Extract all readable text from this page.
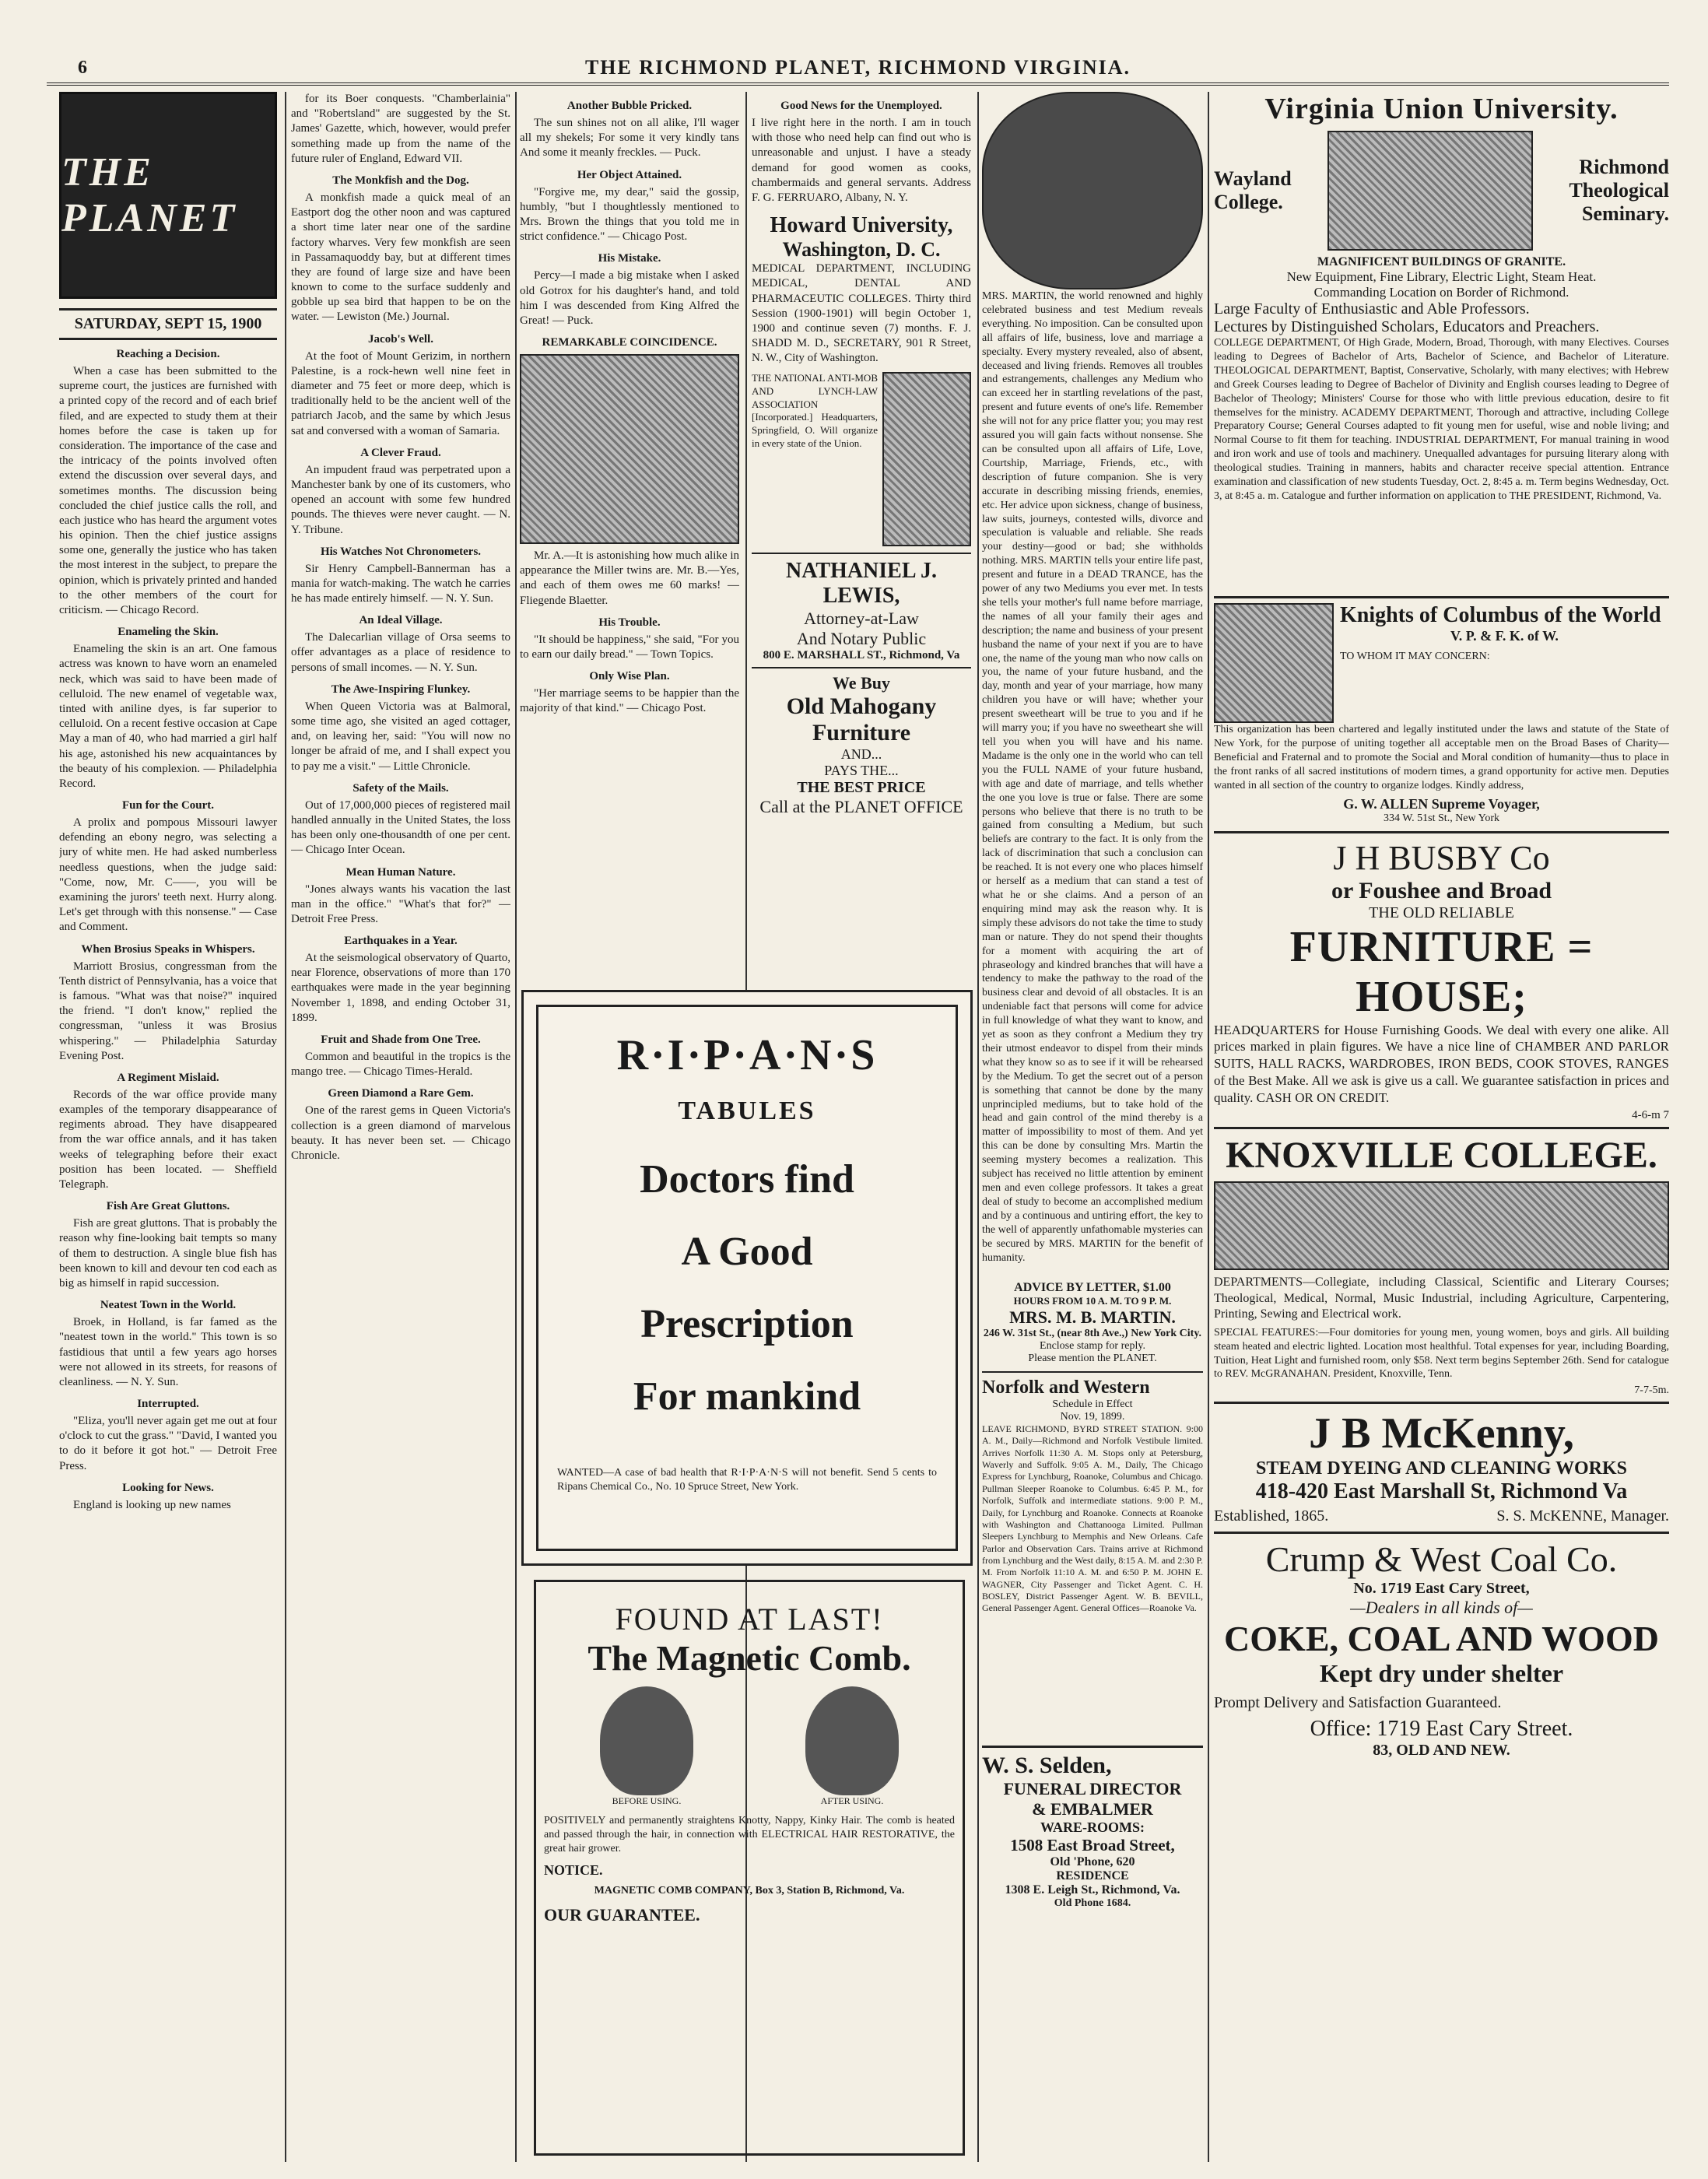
6	THE RICHMOND PLANET, RICHMOND VIRGINIA.
THE PLANET
SATURDAY, SEPT 15, 1900
Reaching a Decision.

When a case has been submitted to the supreme court, the justices are furnished with a printed copy of the record and of each brief filed, and are expected to study them at their homes before the case is taken up for consideration. The importance of the case and the intricacy of the points involved often extend the discussion over several days, and sometimes months. The discussion being concluded the chief justice calls the roll, and each justice who has heard the argument votes his opinion. Then the chief justice assigns some one, generally the justice who has taken the most interest in the subject, to prepare the opinion, which is privately printed and handed to the other members of the court for criticism. — Chicago Record.

Enameling the Skin.

Enameling the skin is an art. One famous actress was known to have worn an enameled neck, which was said to have been made of celluloid. The new enamel of vegetable wax, tinted with aniline dyes, is far superior to celluloid. On a recent festive occasion at Cape May a man of 40, who had married a girl half his age, astonished his new acquaintances by the beauty of his complexion. — Philadelphia Record.

Fun for the Court.

A prolix and pompous Missouri lawyer defending an ebony negro, was selecting a jury of white men. He had asked numberless needless questions, when the judge said: "Come, now, Mr. C——, you will be examining the jurors' teeth next. Hurry along. Let's get through with this nonsense." — Case and Comment.

When Brosius Speaks in Whispers.

Marriott Brosius, congressman from the Tenth district of Pennsylvania, has a voice that is famous. "What was that noise?" inquired the friend. "I don't know," replied the congressman, "unless it was Brosius whispering." — Philadelphia Saturday Evening Post.

A Regiment Mislaid.

Records of the war office provide many examples of the temporary disappearance of regiments abroad. They have disappeared from the war office annals, and it has taken weeks of telegraphing before their exact position has been located. — Sheffield Telegraph.

Fish Are Great Gluttons.

Fish are great gluttons. That is probably the reason why fine-looking bait tempts so many of them to destruction. A single blue fish has been known to kill and devour ten cod each as big as himself in rapid succession.

Neatest Town in the World.

Broek, in Holland, is far famed as the "neatest town in the world." This town is so fastidious that until a few years ago horses were not allowed in its streets, for reasons of cleanliness. — N. Y. Sun.

Interrupted.

"Eliza, you'll never again get me out at four o'clock to cut the grass." "David, I wanted you to do it before it got hot." — Detroit Free Press.

Looking for News.

England is looking up new names

for its Boer conquests. "Chamberlainia" and "Robertsland" are suggested by the St. James' Gazette, which, however, would prefer something made up from the name of the future ruler of England, Edward VII.

The Monkfish and the Dog.

A monkfish made a quick meal of an Eastport dog the other noon and was captured a short time later near one of the sardine factory wharves. Very few monkfish are seen in Passamaquoddy bay, but at different times they are found of large size and have been known to come to the surface suddenly and gobble up sea bird that happen to be on the water. — Lewiston (Me.) Journal.

Jacob's Well.

At the foot of Mount Gerizim, in northern Palestine, is a rock-hewn well nine feet in diameter and 75 feet or more deep, which is traditionally held to be the ancient well of the patriarch Jacob, and the same by which Jesus sat and conversed with a woman of Samaria.

A Clever Fraud.

An impudent fraud was perpetrated upon a Manchester bank by one of its customers, who opened an account with some few hundred pounds. The thieves were never caught. — N. Y. Tribune.

His Watches Not Chronometers.

Sir Henry Campbell-Bannerman has a mania for watch-making. The watch he carries he has made entirely himself. — N. Y. Sun.

An Ideal Village.

The Dalecarlian village of Orsa seems to offer advantages as a place of residence to persons of small incomes. — N. Y. Sun.

The Awe-Inspiring Flunkey.

When Queen Victoria was at Balmoral, some time ago, she visited an aged cottager, and, on leaving her, said: "You will now no longer be afraid of me, and I shall expect you to pay me a visit." — Little Chronicle.

Safety of the Mails.

Out of 17,000,000 pieces of registered mail handled annually in the United States, the loss has been only one-thousandth of one per cent. — Chicago Inter Ocean.

Mean Human Nature.

"Jones always wants his vacation the last man in the office." "What's that for?" — Detroit Free Press.

Earthquakes in a Year.

At the seismological observatory of Quarto, near Florence, observations of more than 170 earthquakes were made in the year beginning November 1, 1898, and ending October 31, 1899.

Fruit and Shade from One Tree.

Common and beautiful in the tropics is the mango tree. — Chicago Times-Herald.

Green Diamond a Rare Gem.

One of the rarest gems in Queen Victoria's collection is a green diamond of marvelous beauty. It has never been set. — Chicago Chronicle.

Another Bubble Pricked.

The sun shines not on all alike, I'll wager all my shekels; For some it very kindly tans And some it meanly freckles. — Puck.

Her Object Attained.

"Forgive me, my dear," said the gossip, humbly, "but I thoughtlessly mentioned to Mrs. Brown the things that you told me in strict confidence." — Chicago Post.

His Mistake.

Percy—I made a big mistake when I asked old Gotrox for his daughter's hand, and told him I was descended from King Alfred the Great! — Puck.

REMARKABLE COINCIDENCE.

Mr. A.—It is astonishing how much alike in appearance the Miller twins are. Mr. B.—Yes, and each of them owes me 60 marks! — Fliegende Blaetter.

His Trouble.

"It should be happiness," she said, "For you to earn our daily bread." — Town Topics.

Only Wise Plan.

"Her marriage seems to be happier than the majority of that kind." — Chicago Post.

Good News for the Unemployed.

I live right here in the north. I am in touch with those who need help can find out who is unreasonable and unjust. I have a steady demand for good women as cooks, chambermaids and general servants. Address F. G. FERRUARO, Albany, N. Y.

Howard University,
Washington, D. C.

MEDICAL DEPARTMENT, INCLUDING MEDICAL, DENTAL AND PHARMACEUTIC COLLEGES. Thirty third Session (1900-1901) will begin October 1, 1900 and continue seven (7) months. F. J. SHADD M. D., SECRETARY, 901 R Street, N. W., City of Washington.

THE NATIONAL ANTI-MOB AND LYNCH-LAW ASSOCIATION [Incorporated.] Headquarters, Springfield, O. Will organize in every state of the Union.

NATHANIEL J. LEWIS,
Attorney-at-Law
And Notary Public
800 E. MARSHALL ST., Richmond, Va
We Buy
Old Mahogany Furniture
AND...
PAYS THE...
THE BEST PRICE
Call at the PLANET OFFICE
R·I·P·A·N·S TABULES
Doctors find
A Good
Prescription
For mankind

WANTED—A case of bad health that R·I·P·A·N·S will not benefit. Send 5 cents to Ripans Chemical Co., No. 10 Spruce Street, New York.

FOUND AT LAST!
The Magnetic Comb.
BEFORE USING.	AFTER USING.

POSITIVELY and permanently straightens Knotty, Nappy, Kinky Hair. The comb is heated and passed through the hair, in connection with ELECTRICAL HAIR RESTORATIVE, the great hair grower.

NOTICE.
MAGNETIC COMB COMPANY, Box 3, Station B, Richmond, Va.
OUR GUARANTEE.

MRS. MARTIN, the world renowned and highly celebrated business and test Medium reveals everything. No imposition. Can be consulted upon all affairs of life, business, love and marriage a specialty. Every mystery revealed, also of absent, deceased and living friends. Removes all troubles and estrangements, challenges any Medium who can exceed her in startling revelations of the past, present and future events of one's life. Remember she will not for any price flatter you; you may rest assured you will gain facts without nonsense. She can be consulted upon all affairs of Life, Love, Courtship, Marriage, Friends, etc., with description of future companion. She is very accurate in describing missing friends, enemies, etc. Her advice upon sickness, change of business, law suits, journeys, contested wills, divorce and speculation is valuable and reliable. She reads your destiny—good or bad; she withholds nothing. MRS. MARTIN tells your entire life past, present and future in a DEAD TRANCE, has the power of any two Mediums you ever met. In tests she tells your mother's full name before marriage, the names of all your family their ages and description; the name and business of your present husband the name of your next if you are to have one, the name of the young man who now calls on you, the name of your future husband, and the day, month and year of your marriage, how many children you have or will have; whether your present sweetheart will be true to you and if he will marry you; if you have no sweetheart she will tell you when you will have and his name. Madame is the only one in the world who can tell you the FULL NAME of your future husband, with age and date of marriage, and tells whether the one you love is true or false. There are some persons who believe that there is no truth to be gained from consulting a Medium, but such beliefs are contrary to the fact. It is only from the lack of discrimination that such a conclusion can be reached. It is not every one who places himself or herself as a medium that can stand a test of what he or she claims. And a person of an enquiring mind may ask the reason why. It is simply these advisors do not take the time to study man or nature. They do not spend their thoughts for a moment with acquiring the art of phraseology and kindred branches that will have a tendency to make the pathway to the road of the business clear and devoid of all obstacles. It is an undeniable fact that persons will come for advice in full knowledge of what they want to know, and yet as soon as they confront a Medium they try their utmost endeavor to dispel from their minds what they know so as to see if it will be rehearsed by the Medium. To get the secret out of a person is something that cannot be done by the many unprincipled mediums, but to take hold of the head and gain control of the mind thereby is a matter of impossibility to most of them. And yet this can be done by consulting Mrs. Martin the seeming mystery becomes a realization. This subject has received no little attention by eminent men and even college professors. It takes a great deal of study to become an accomplished medium and by a continuous and untiring effort, the key to the well of apparently unfathomable mysteries can be secured by MRS. MARTIN for the benefit of humanity.

ADVICE BY LETTER, $1.00
HOURS FROM 10 A. M. TO 9 P. M.
MRS. M. B. MARTIN.
246 W. 31st St., (near 8th Ave.,) New York City.
Enclose stamp for reply.
Please mention the PLANET.
Norfolk and Western
Schedule in Effect
Nov. 19, 1899.

LEAVE RICHMOND, BYRD STREET STATION. 9:00 A. M., Daily—Richmond and Norfolk Vestibule limited. Arrives Norfolk 11:30 A. M. Stops only at Petersburg, Waverly and Suffolk. 9:05 A. M., Daily, The Chicago Express for Lynchburg, Roanoke, Columbus and Chicago. Pullman Sleeper Roanoke to Columbus. 6:45 P. M., for Norfolk, Suffolk and intermediate stations. 9:00 P. M., Daily, for Lynchburg and Roanoke. Connects at Roanoke with Washington and Chattanooga Limited. Pullman Sleepers Lynchburg to Memphis and New Orleans. Cafe Parlor and Observation Cars. Trains arrive at Richmond from Lynchburg and the West daily, 8:15 A. M. and 2:30 P. M. From Norfolk 11:10 A. M. and 6:50 P. M. JOHN E. WAGNER, City Passenger and Ticket Agent. C. H. BOSLEY, District Passenger Agent. W. B. BEVILL, General Passenger Agent. General Offices—Roanoke Va.

W. S. Selden,
FUNERAL DIRECTOR
& EMBALMER
WARE-ROOMS:
1508 East Broad Street,
Old 'Phone, 620
RESIDENCE
1308 E. Leigh St., Richmond, Va.
Old Phone 1684.
Virginia Union University.
Wayland
College.
Richmond
Theological
Seminary.
MAGNIFICENT BUILDINGS OF GRANITE.
New Equipment, Fine Library, Electric Light, Steam Heat.
Commanding Location on Border of Richmond.
Large Faculty of Enthusiastic and Able Professors.
Lectures by Distinguished Scholars, Educators and Preachers.

COLLEGE DEPARTMENT, Of High Grade, Modern, Broad, Thorough, with many Electives. Courses leading to Degrees of Bachelor of Arts, Bachelor of Science, and Bachelor of Literature. THEOLOGICAL DEPARTMENT, Baptist, Conservative, Scholarly, with many electives; with Hebrew and Greek Courses leading to Degree of Bachelor of Divinity and English courses leading to Degree of Bachelor of Theology; Ministers' Course for those who with little previous education, desire to fit themselves for the ministry. ACADEMY DEPARTMENT, Thorough and attractive, including College Preparatory Course; General Courses adapted to fit young men for useful, wise and noble living; and Normal Course to fit them for teaching. INDUSTRIAL DEPARTMENT, For manual training in wood and iron work and use of tools and machinery. Unequalled advantages for pursuing literary along with theological studies. Training in manners, habits and character receive special attention. Entrance examination and classification of new students Tuesday, Oct. 2, 8:45 a. m. Term begins Wednesday, Oct. 3, at 8:45 a. m. Catalogue and further information on application to THE PRESIDENT, Richmond, Va.

Knights of Columbus of the World
V. P. & F. K. of W.
TO WHOM IT MAY CONCERN:

This organization has been chartered and legally instituted under the laws and statute of the State of New York, for the purpose of uniting together all acceptable men on the Broad Bases of Charity—Beneficial and Fraternal and to promote the Social and Moral condition of humanity—thus to place in the front ranks of all sacred institutions of modern times, a grand opportunity for active men. Deputies wanted in all section of the country to organize lodges. Kindly address,

G. W. ALLEN Supreme Voyager,
334 W. 51st St., New York
J H BUSBY Co
or Foushee and Broad
THE OLD RELIABLE
FURNITURE = HOUSE;

HEADQUARTERS for House Furnishing Goods. We deal with every one alike. All prices marked in plain figures. We have a nice line of CHAMBER AND PARLOR SUITS, HALL RACKS, WARDROBES, IRON BEDS, COOK STOVES, RANGES of the Best Make. All we ask is give us a call. We guarantee satisfaction in prices and quality. CASH OR ON CREDIT.

4-6-m 7
KNOXVILLE COLLEGE.

DEPARTMENTS—Collegiate, including Classical, Scientific and Literary Courses; Theological, Medical, Normal, Music Industrial, including Agriculture, Carpentering, Printing, Sewing and Electrical work.

SPECIAL FEATURES:—Four domitories for young men, young women, boys and girls. All building steam heated and electric lighted. Location most healthful. Total expenses for year, including Boarding, Tuition, Heat Light and furnished room, only $58. Next term begins September 26th. Send for catalogue to REV. McGRANAHAN. President, Knoxville, Tenn.

7-7-5m.
J B McKenny,
STEAM DYEING AND CLEANING WORKS
418-420 East Marshall St, Richmond Va
Established, 1865.	S. S. McKENNE, Manager.
Crump & West Coal Co.
No. 1719 East Cary Street,
—Dealers in all kinds of—
COKE, COAL AND WOOD
Kept dry under shelter
Prompt Delivery and Satisfaction Guaranteed.
Office: 1719 East Cary Street.
83, OLD AND NEW.
